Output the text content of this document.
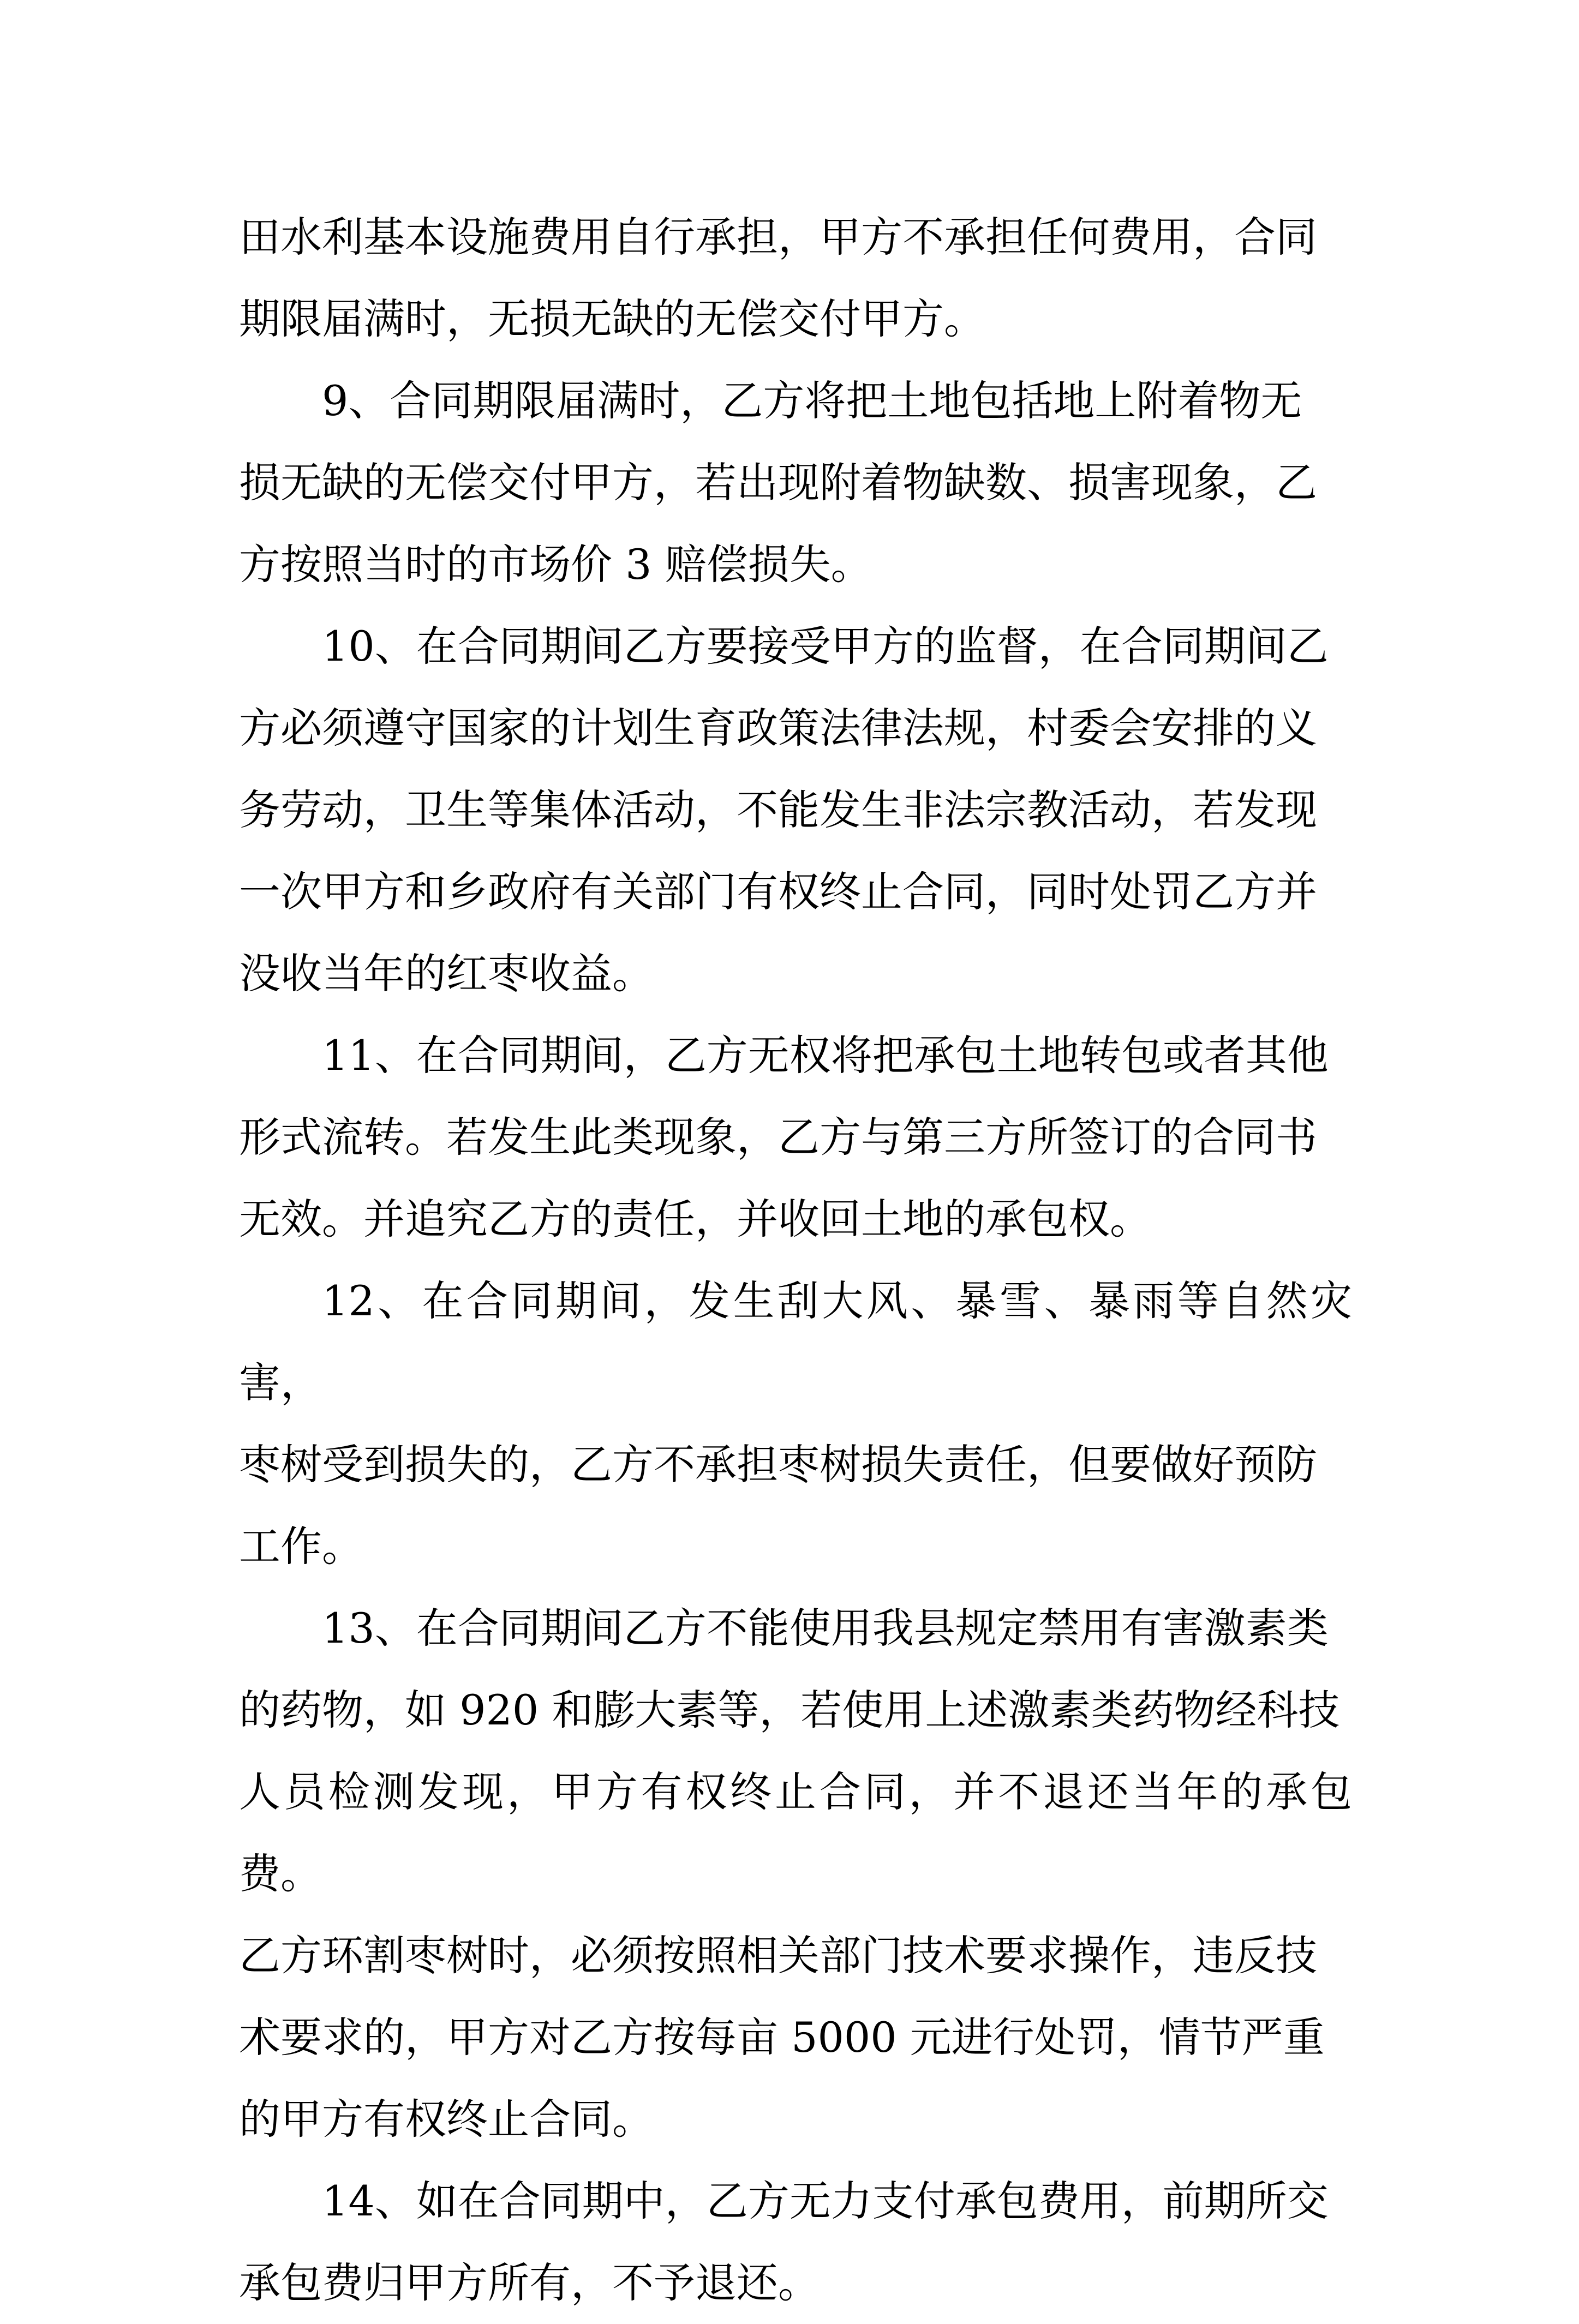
田水利基本设施费用自行承担，甲方不承担任何费用，合同
期限届满时，无损无缺的无偿交付甲方。

9、合同期限届满时，乙方将把土地包括地上附着物无
损无缺的无偿交付甲方，若出现附着物缺数、损害现象，乙
方按照当时的市场价 3 赔偿损失。

10、在合同期间乙方要接受甲方的监督，在合同期间乙
方必须遵守国家的计划生育政策法律法规，村委会安排的义
务劳动，卫生等集体活动，不能发生非法宗教活动，若发现
一次甲方和乡政府有关部门有权终止合同，同时处罚乙方并
没收当年的红枣收益。

11、在合同期间，乙方无权将把承包土地转包或者其他
形式流转。若发生此类现象，乙方与第三方所签订的合同书
无效。并追究乙方的责任，并收回土地的承包权。

12、在合同期间，发生刮大风、暴雪、暴雨等自然灾害，
枣树受到损失的，乙方不承担枣树损失责任，但要做好预防
工作。

13、在合同期间乙方不能使用我县规定禁用有害激素类
的药物，如 920 和膨大素等，若使用上述激素类药物经科技
人员检测发现，甲方有权终止合同，并不退还当年的承包费。
乙方环割枣树时，必须按照相关部门技术要求操作，违反技
术要求的，甲方对乙方按每亩 5000 元进行处罚，情节严重
的甲方有权终止合同。

14、如在合同期中，乙方无力支付承包费用，前期所交
承包费归甲方所有，不予退还。
